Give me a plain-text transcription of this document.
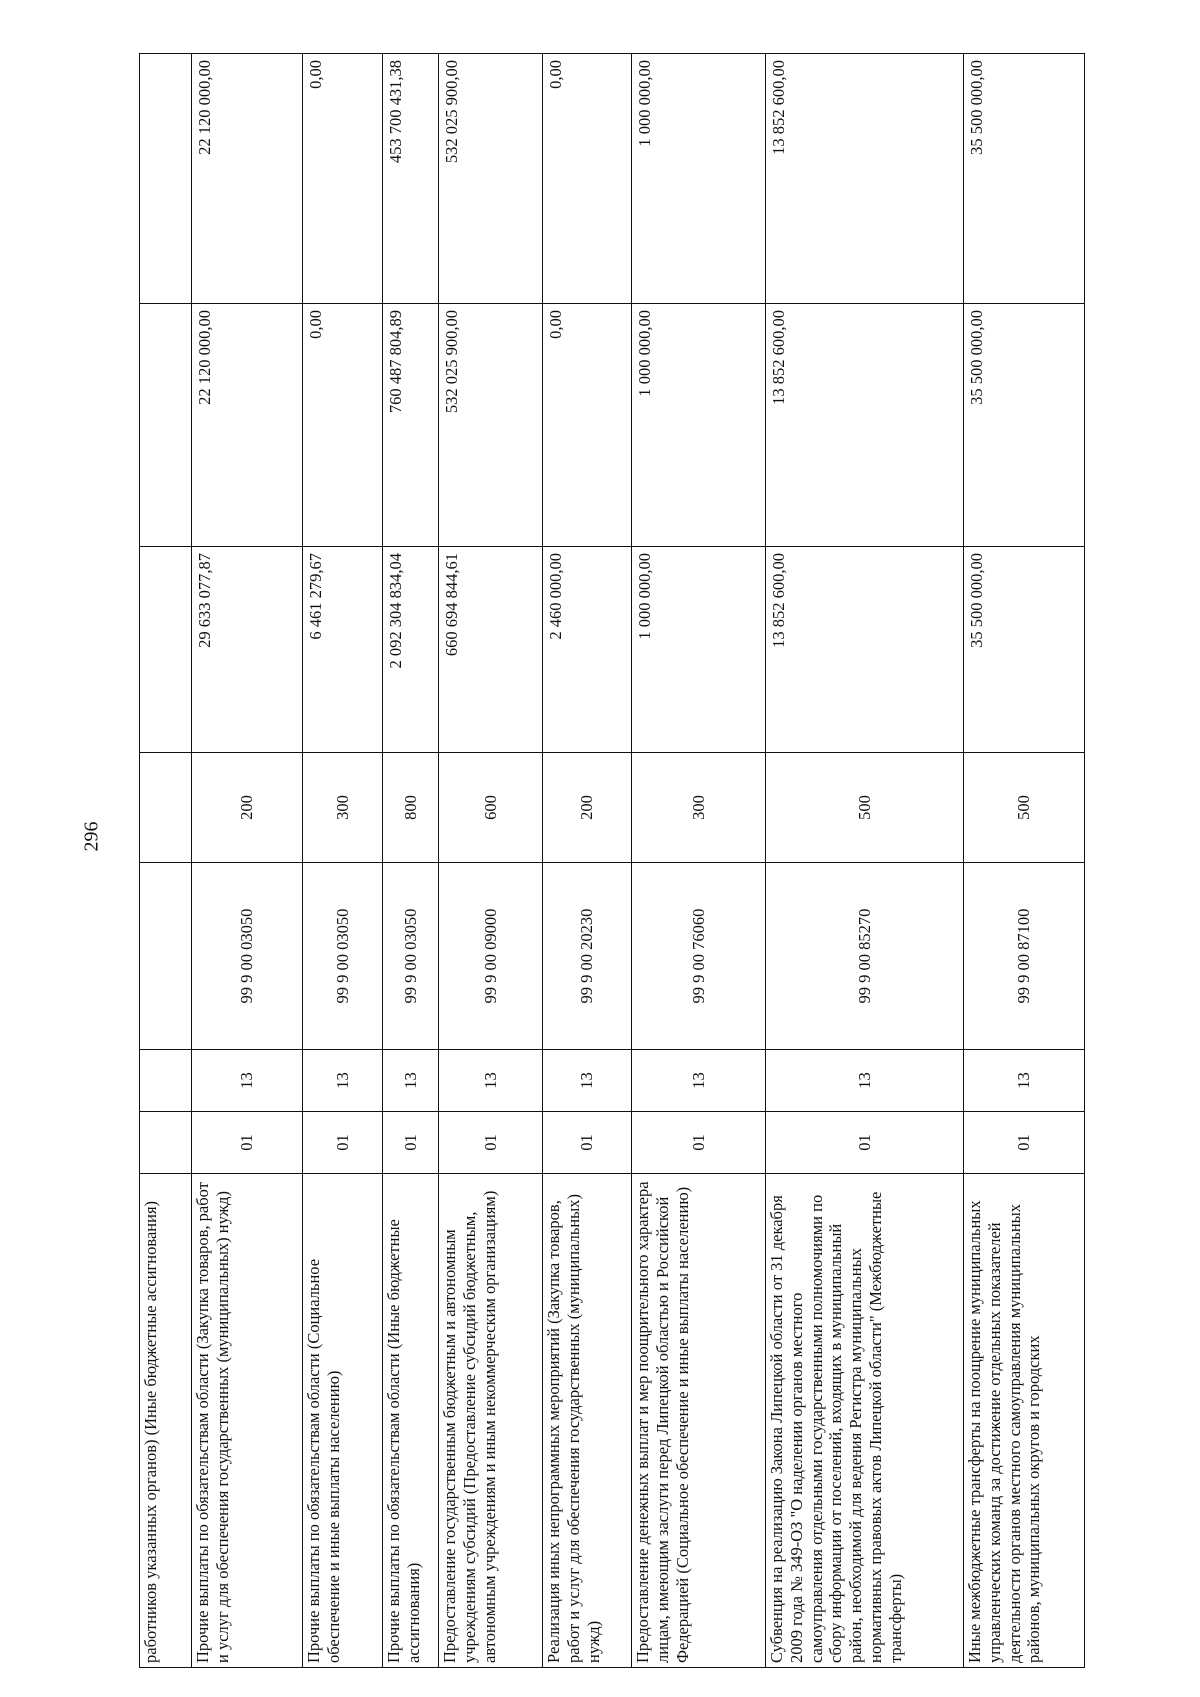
296
работников указанных органов) (Иные бюджетные ассигнования)							
Прочие выплаты по обязательствам области (Закупка товаров, работ и услуг для обеспечения государственных (муниципальных) нужд)	01	13	99 9 00 03050	200	29 633 077,87	22 120 000,00	22 120 000,00
Прочие выплаты по обязательствам области (Социальное обеспечение и иные выплаты населению)	01	13	99 9 00 03050	300	6 461 279,67	0,00	0,00
Прочие выплаты по обязательствам области (Иные бюджетные ассигнования)	01	13	99 9 00 03050	800	2 092 304 834,04	760 487 804,89	453 700 431,38
Предоставление государственным бюджетным и автономным учреждениям субсидий (Предоставление субсидий бюджетным, автономным учреждениям и иным некоммерческим организациям)	01	13	99 9 00 09000	600	660 694 844,61	532 025 900,00	532 025 900,00
Реализация иных непрограммных мероприятий (Закупка товаров, работ и услуг для обеспечения государственных (муниципальных) нужд)	01	13	99 9 00 20230	200	2 460 000,00	0,00	0,00
Предоставление денежных выплат и мер поощрительного характера лицам, имеющим заслуги перед Липецкой областью и Российской Федерацией (Социальное обеспечение и иные выплаты населению)	01	13	99 9 00 76060	300	1 000 000,00	1 000 000,00	1 000 000,00
Субвенция на реализацию Закона Липецкой области от 31 декабря 2009 года № 349-ОЗ "О наделении органов местного самоуправления отдельными государственными полномочиями по сбору информации от поселений, входящих в муниципальный район, необходимой для ведения Регистра муниципальных нормативных правовых актов Липецкой области" (Межбюджетные трансферты)	01	13	99 9 00 85270	500	13 852 600,00	13 852 600,00	13 852 600,00
Иные межбюджетные трансферты на поощрение муниципальных управленческих команд за достижение отдельных показателей деятельности органов местного самоуправления муниципальных районов, муниципальных округов и городских	01	13	99 9 00 87100	500	35 500 000,00	35 500 000,00	35 500 000,00
